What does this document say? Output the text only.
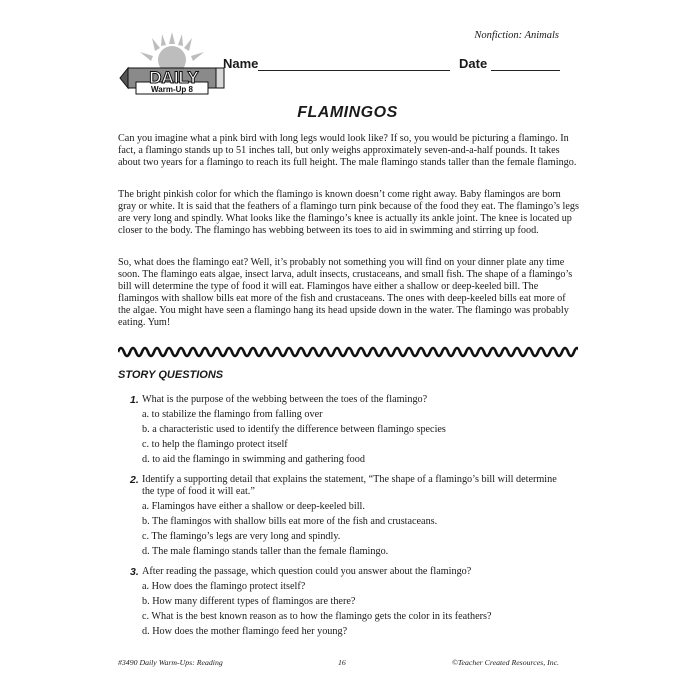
Nonfiction: Animals
DAILY
Warm-Up 8
Name	Date
FLAMINGOS

Can you imagine what a pink bird with long legs would look like? If so, you would be picturing a flamingo. In fact, a flamingo stands up to 51 inches tall, but only weighs approximately seven-and-a-half pounds. It takes about two years for a flamingo to reach its full height. The male flamingo stands taller than the female flamingo.

The bright pinkish color for which the flamingo is known doesn’t come right away. Baby flamingos are born gray or white. It is said that the feathers of a flamingo turn pink because of the food they eat. The flamingo’s legs are very long and spindly. What looks like the flamingo’s knee is actually its ankle joint. The knee is located up closer to the body. The flamingo has webbing between its toes to aid in swimming and stirring up food.

So, what does the flamingo eat? Well, it’s probably not something you will find on your dinner plate any time soon. The flamingo eats algae, insect larva, adult insects, crustaceans, and small fish. The shape of a flamingo’s bill will determine the type of food it will eat. Flamingos have either a shallow or deep-keeled bill. The flamingos with shallow bills eat more of the fish and crustaceans. The ones with deep-keeled bills eat more of the algae. You might have seen a flamingo hang its head upside down in the water. The flamingo was probably eating. Yum!

STORY QUESTIONS
1. What is the purpose of the webbing between the toes of the flamingo?
a. to stabilize the flamingo from falling over
b. a characteristic used to identify the difference between flamingo species
c. to help the flamingo protect itself
d. to aid the flamingo in swimming and gathering food
2. Identify a supporting detail that explains the statement, “The shape of a flamingo’s bill will determine the type of food it will eat.”
a. Flamingos have either a shallow or deep-keeled bill.
b. The flamingos with shallow bills eat more of the fish and crustaceans.
c. The flamingo’s legs are very long and spindly.
d. The male flamingo stands taller than the female flamingo.
3. After reading the passage, which question could you answer about the flamingo?
a. How does the flamingo protect itself?
b. How many different types of flamingos are there?
c. What is the best known reason as to how the flamingo gets the color in its feathers?
d. How does the mother flamingo feed her young?
#3490 Daily Warm-Ups: Reading	16	©Teacher Created Resources, Inc.
